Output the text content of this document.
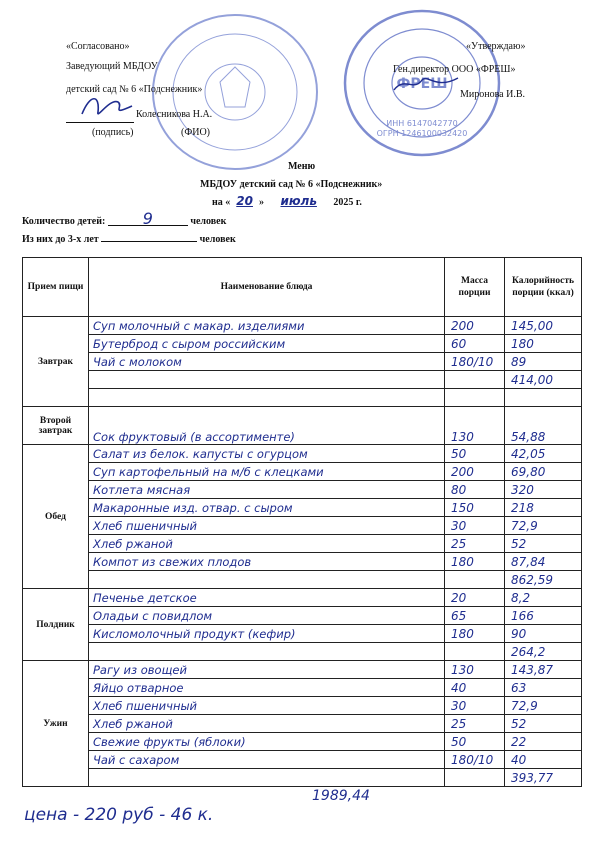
ФРЕШ
ИНН 6147042770
ОГРН 1246100032420
«Согласовано»
Заведующий МБДОУ
детский сад № 6 «Подснежник»
Колесникова Н.А.
(подпись)	(ФИО)
«Утверждаю»
Ген.директор ООО «ФРЕШ»
Миронова И.В.
Меню
МБДОУ детский сад № 6 «Подснежник»
на « 20 » июль 2025 г.
Количество детей: 9	человек
Из них до 3-х лет	человек
Прием пищи	Наименование блюда	Масса порции	Калорийность порции (ккал)
Завтрак	Суп молочный с макар. изделиями	200	145,00
	Бутерброд с сыром российским	60	180
	Чай с молоком	180/10	89
			414,00

Второй завтрак	Сок фруктовый (в ассортименте)	130	54,88
Обед	Салат из белок. капусты с огурцом	50	42,05
	Суп картофельный на м/б с клецками	200	69,80
	Котлета мясная	80	320
	Макаронные изд. отвар. с сыром	150	218
	Хлеб пшеничный	30	72,9
	Хлеб ржаной	25	52
	Компот из свежих плодов	180	87,84
			862,59
Полдник	Печенье детское	20	8,2
	Оладьи с повидлом	65	166
	Кисломолочный продукт (кефир)	180	90
			264,2
Ужин	Рагу из овощей	130	143,87
	Яйцо отварное	40	63
	Хлеб пшеничный	30	72,9
	Хлеб ржаной	25	52
	Свежие фрукты (яблоки)	50	22
	Чай с сахаром	180/10	40
			393,77
1989,44
цена - 220 руб - 46 к.
